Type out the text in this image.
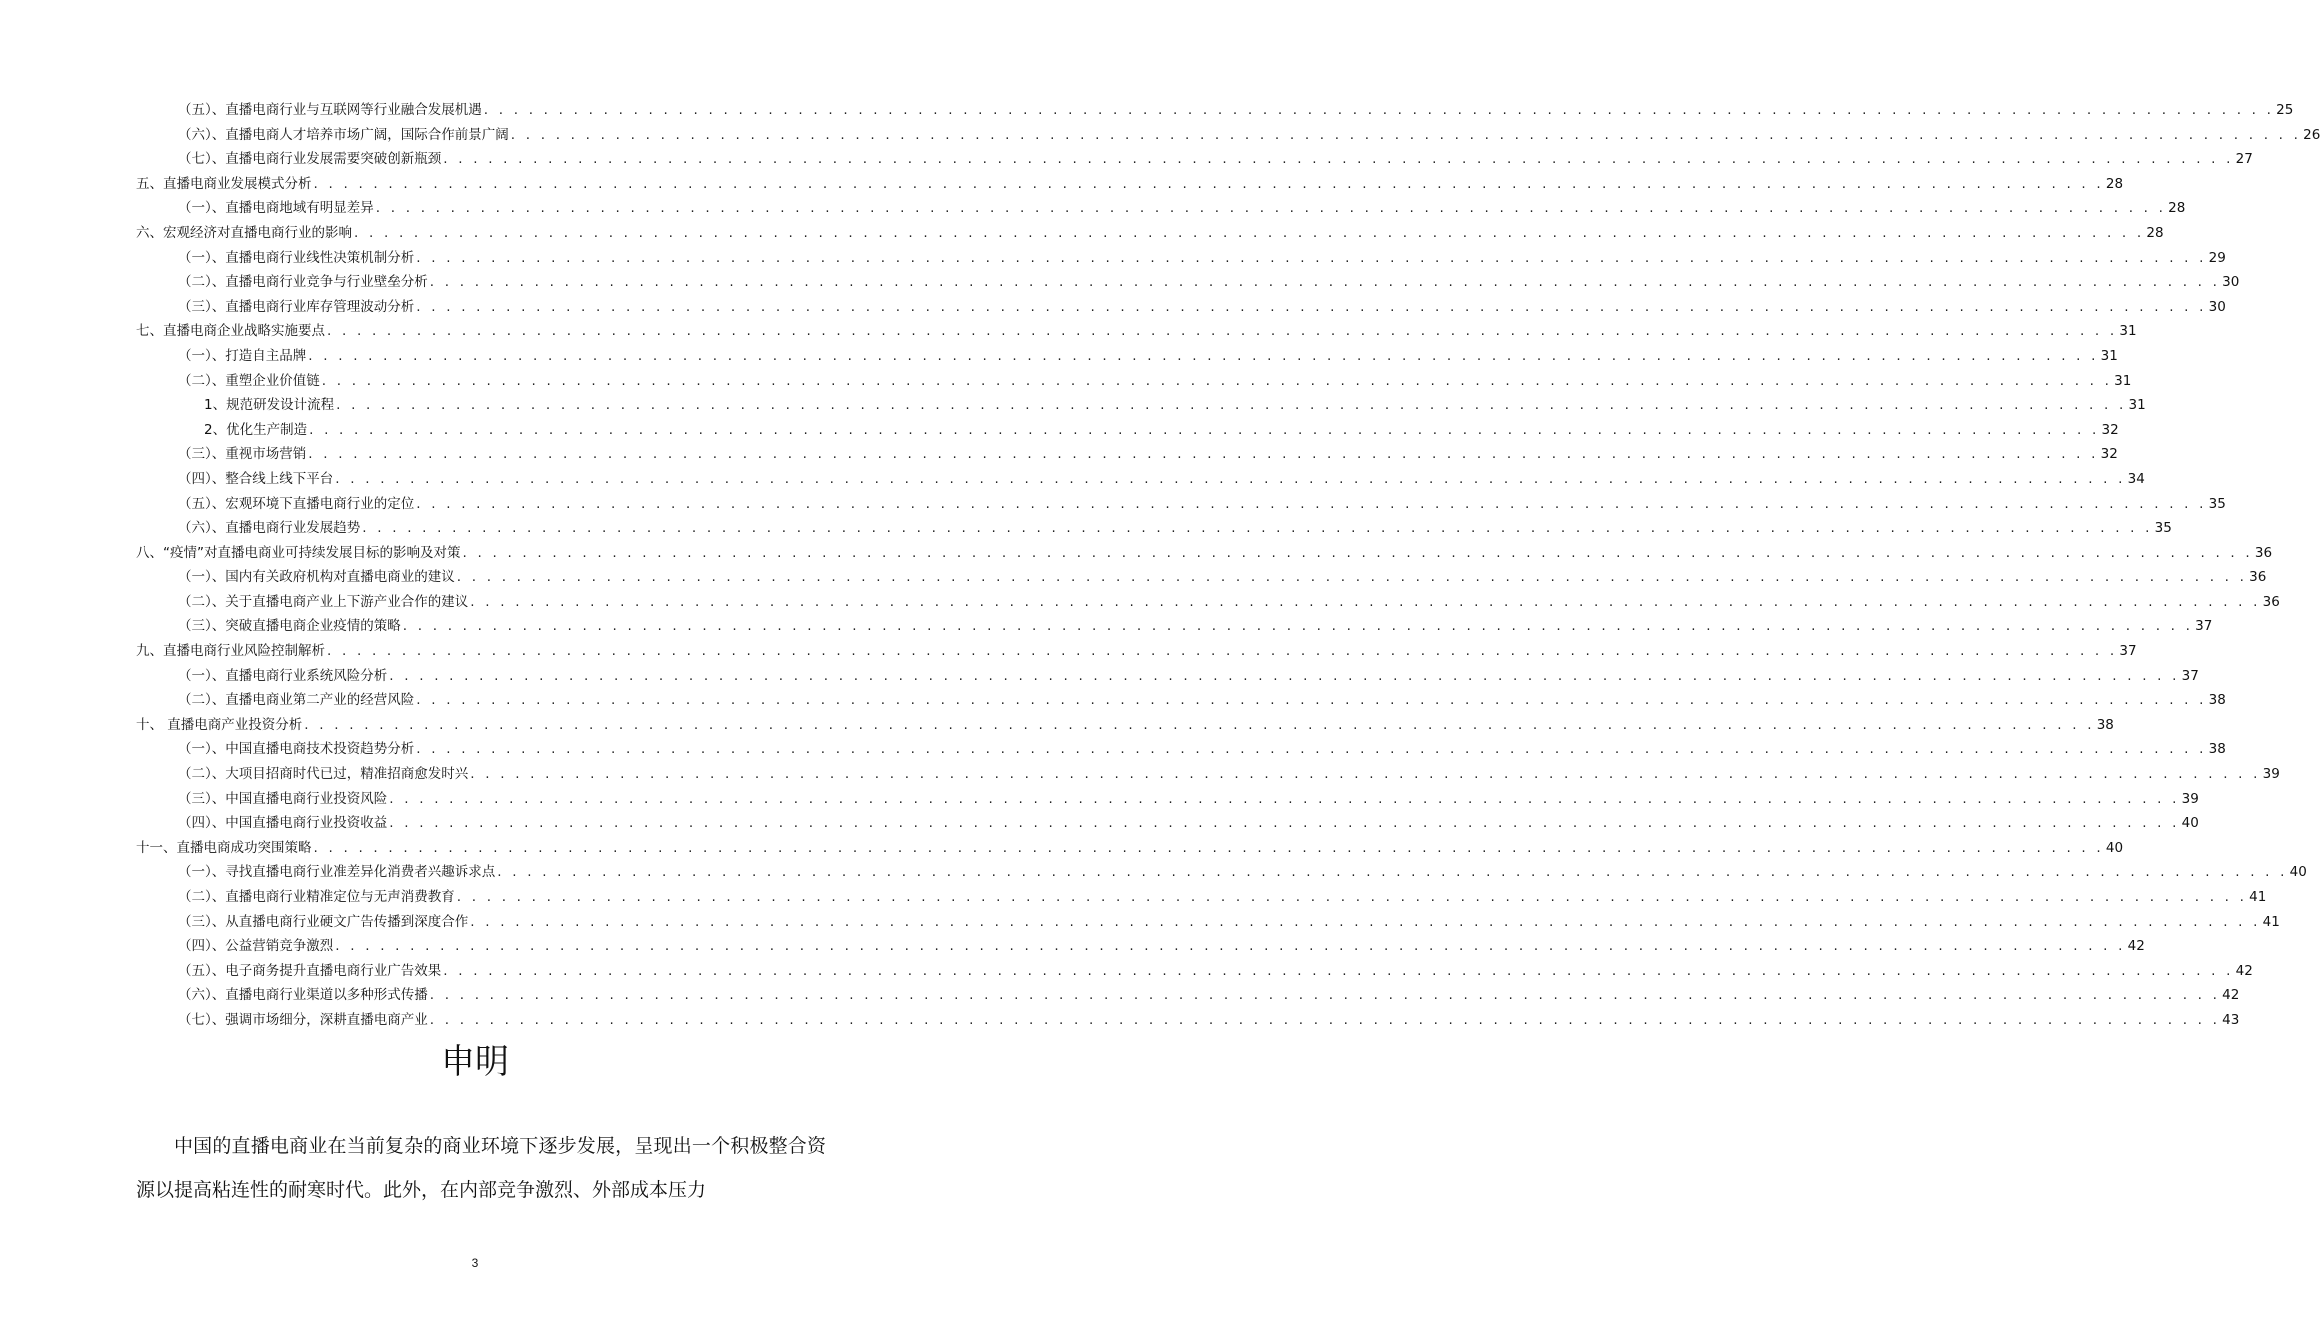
（五）、直播电商行业与互联网等行业融合发展机遇 . . . . . . . . . . . . . . . . . . . . . . . . . . . . . . . . . . . . . . . . . . . . . . . . . . . . . . . . . . . . . . . . . . . . . . . . . . . . . . . . . . . . . . . . . . . . . . . . . . . . . . . . . . . . . . . . . . . . . . . . 25
（六）、直播电商人才培养市场广阔，国际合作前景广阔 . . . . . . . . . . . . . . . . . . . . . . . . . . . . . . . . . . . . . . . . . . . . . . . . . . . . . . . . . . . . . . . . . . . . . . . . . . . . . . . . . . . . . . . . . . . . . . . . . . . . . . . . . . . . . . . . . . . . . . . . 26
（七）、直播电商行业发展需要突破创新瓶颈 . . . . . . . . . . . . . . . . . . . . . . . . . . . . . . . . . . . . . . . . . . . . . . . . . . . . . . . . . . . . . . . . . . . . . . . . . . . . . . . . . . . . . . . . . . . . . . . . . . . . . . . . . . . . . . . . . . . . . . . . 27
五、直播电商业发展模式分析 . . . . . . . . . . . . . . . . . . . . . . . . . . . . . . . . . . . . . . . . . . . . . . . . . . . . . . . . . . . . . . . . . . . . . . . . . . . . . . . . . . . . . . . . . . . . . . . . . . . . . . . . . . . . . . . . . . . . . . . . 28
（一）、直播电商地域有明显差异 . . . . . . . . . . . . . . . . . . . . . . . . . . . . . . . . . . . . . . . . . . . . . . . . . . . . . . . . . . . . . . . . . . . . . . . . . . . . . . . . . . . . . . . . . . . . . . . . . . . . . . . . . . . . . . . . . . . . . . . . 28
六、宏观经济对直播电商行业的影响 . . . . . . . . . . . . . . . . . . . . . . . . . . . . . . . . . . . . . . . . . . . . . . . . . . . . . . . . . . . . . . . . . . . . . . . . . . . . . . . . . . . . . . . . . . . . . . . . . . . . . . . . . . . . . . . . . . . . . . . . 28
（一）、直播电商行业线性决策机制分析 . . . . . . . . . . . . . . . . . . . . . . . . . . . . . . . . . . . . . . . . . . . . . . . . . . . . . . . . . . . . . . . . . . . . . . . . . . . . . . . . . . . . . . . . . . . . . . . . . . . . . . . . . . . . . . . . . . . . . . . . 29
（二）、直播电商行业竞争与行业壁垒分析 . . . . . . . . . . . . . . . . . . . . . . . . . . . . . . . . . . . . . . . . . . . . . . . . . . . . . . . . . . . . . . . . . . . . . . . . . . . . . . . . . . . . . . . . . . . . . . . . . . . . . . . . . . . . . . . . . . . . . . . . 30
（三）、直播电商行业库存管理波动分析 . . . . . . . . . . . . . . . . . . . . . . . . . . . . . . . . . . . . . . . . . . . . . . . . . . . . . . . . . . . . . . . . . . . . . . . . . . . . . . . . . . . . . . . . . . . . . . . . . . . . . . . . . . . . . . . . . . . . . . . . 30
七、直播电商企业战略实施要点 . . . . . . . . . . . . . . . . . . . . . . . . . . . . . . . . . . . . . . . . . . . . . . . . . . . . . . . . . . . . . . . . . . . . . . . . . . . . . . . . . . . . . . . . . . . . . . . . . . . . . . . . . . . . . . . . . . . . . . . . 31
（一）、打造自主品牌 . . . . . . . . . . . . . . . . . . . . . . . . . . . . . . . . . . . . . . . . . . . . . . . . . . . . . . . . . . . . . . . . . . . . . . . . . . . . . . . . . . . . . . . . . . . . . . . . . . . . . . . . . . . . . . . . . . . . . . . . 31
（二）、重塑企业价值链 . . . . . . . . . . . . . . . . . . . . . . . . . . . . . . . . . . . . . . . . . . . . . . . . . . . . . . . . . . . . . . . . . . . . . . . . . . . . . . . . . . . . . . . . . . . . . . . . . . . . . . . . . . . . . . . . . . . . . . . . 31
1、规范研发设计流程 . . . . . . . . . . . . . . . . . . . . . . . . . . . . . . . . . . . . . . . . . . . . . . . . . . . . . . . . . . . . . . . . . . . . . . . . . . . . . . . . . . . . . . . . . . . . . . . . . . . . . . . . . . . . . . . . . . . . . . . . 31
2、优化生产制造 . . . . . . . . . . . . . . . . . . . . . . . . . . . . . . . . . . . . . . . . . . . . . . . . . . . . . . . . . . . . . . . . . . . . . . . . . . . . . . . . . . . . . . . . . . . . . . . . . . . . . . . . . . . . . . . . . . . . . . . . 32
（三）、重视市场营销 . . . . . . . . . . . . . . . . . . . . . . . . . . . . . . . . . . . . . . . . . . . . . . . . . . . . . . . . . . . . . . . . . . . . . . . . . . . . . . . . . . . . . . . . . . . . . . . . . . . . . . . . . . . . . . . . . . . . . . . . 32
（四）、整合线上线下平台 . . . . . . . . . . . . . . . . . . . . . . . . . . . . . . . . . . . . . . . . . . . . . . . . . . . . . . . . . . . . . . . . . . . . . . . . . . . . . . . . . . . . . . . . . . . . . . . . . . . . . . . . . . . . . . . . . . . . . . . . 34
（五）、宏观环境下直播电商行业的定位 . . . . . . . . . . . . . . . . . . . . . . . . . . . . . . . . . . . . . . . . . . . . . . . . . . . . . . . . . . . . . . . . . . . . . . . . . . . . . . . . . . . . . . . . . . . . . . . . . . . . . . . . . . . . . . . . . . . . . . . . 35
（六）、直播电商行业发展趋势 . . . . . . . . . . . . . . . . . . . . . . . . . . . . . . . . . . . . . . . . . . . . . . . . . . . . . . . . . . . . . . . . . . . . . . . . . . . . . . . . . . . . . . . . . . . . . . . . . . . . . . . . . . . . . . . . . . . . . . . . 35
八、“疫情”对直播电商业可持续发展目标的影响及对策 . . . . . . . . . . . . . . . . . . . . . . . . . . . . . . . . . . . . . . . . . . . . . . . . . . . . . . . . . . . . . . . . . . . . . . . . . . . . . . . . . . . . . . . . . . . . . . . . . . . . . . . . . . . . . . . . . . . . . . . . 36
（一）、国内有关政府机构对直播电商业的建议 . . . . . . . . . . . . . . . . . . . . . . . . . . . . . . . . . . . . . . . . . . . . . . . . . . . . . . . . . . . . . . . . . . . . . . . . . . . . . . . . . . . . . . . . . . . . . . . . . . . . . . . . . . . . . . . . . . . . . . . . 36
（二）、关于直播电商产业上下游产业合作的建议 . . . . . . . . . . . . . . . . . . . . . . . . . . . . . . . . . . . . . . . . . . . . . . . . . . . . . . . . . . . . . . . . . . . . . . . . . . . . . . . . . . . . . . . . . . . . . . . . . . . . . . . . . . . . . . . . . . . . . . . . 36
（三）、突破直播电商企业疫情的策略 . . . . . . . . . . . . . . . . . . . . . . . . . . . . . . . . . . . . . . . . . . . . . . . . . . . . . . . . . . . . . . . . . . . . . . . . . . . . . . . . . . . . . . . . . . . . . . . . . . . . . . . . . . . . . . . . . . . . . . . . 37
九、直播电商行业风险控制解析 . . . . . . . . . . . . . . . . . . . . . . . . . . . . . . . . . . . . . . . . . . . . . . . . . . . . . . . . . . . . . . . . . . . . . . . . . . . . . . . . . . . . . . . . . . . . . . . . . . . . . . . . . . . . . . . . . . . . . . . . 37
（一）、直播电商行业系统风险分析 . . . . . . . . . . . . . . . . . . . . . . . . . . . . . . . . . . . . . . . . . . . . . . . . . . . . . . . . . . . . . . . . . . . . . . . . . . . . . . . . . . . . . . . . . . . . . . . . . . . . . . . . . . . . . . . . . . . . . . . . 37
（二）、直播电商业第二产业的经营风险 . . . . . . . . . . . . . . . . . . . . . . . . . . . . . . . . . . . . . . . . . . . . . . . . . . . . . . . . . . . . . . . . . . . . . . . . . . . . . . . . . . . . . . . . . . . . . . . . . . . . . . . . . . . . . . . . . . . . . . . . 38
十、 直播电商产业投资分析 . . . . . . . . . . . . . . . . . . . . . . . . . . . . . . . . . . . . . . . . . . . . . . . . . . . . . . . . . . . . . . . . . . . . . . . . . . . . . . . . . . . . . . . . . . . . . . . . . . . . . . . . . . . . . . . . . . . . . . . . 38
（一）、中国直播电商技术投资趋势分析 . . . . . . . . . . . . . . . . . . . . . . . . . . . . . . . . . . . . . . . . . . . . . . . . . . . . . . . . . . . . . . . . . . . . . . . . . . . . . . . . . . . . . . . . . . . . . . . . . . . . . . . . . . . . . . . . . . . . . . . . 38
（二）、大项目招商时代已过，精准招商愈发时兴 . . . . . . . . . . . . . . . . . . . . . . . . . . . . . . . . . . . . . . . . . . . . . . . . . . . . . . . . . . . . . . . . . . . . . . . . . . . . . . . . . . . . . . . . . . . . . . . . . . . . . . . . . . . . . . . . . . . . . . . . 39
（三）、中国直播电商行业投资风险 . . . . . . . . . . . . . . . . . . . . . . . . . . . . . . . . . . . . . . . . . . . . . . . . . . . . . . . . . . . . . . . . . . . . . . . . . . . . . . . . . . . . . . . . . . . . . . . . . . . . . . . . . . . . . . . . . . . . . . . . 39
（四）、中国直播电商行业投资收益 . . . . . . . . . . . . . . . . . . . . . . . . . . . . . . . . . . . . . . . . . . . . . . . . . . . . . . . . . . . . . . . . . . . . . . . . . . . . . . . . . . . . . . . . . . . . . . . . . . . . . . . . . . . . . . . . . . . . . . . . 40
十一、直播电商成功突围策略 . . . . . . . . . . . . . . . . . . . . . . . . . . . . . . . . . . . . . . . . . . . . . . . . . . . . . . . . . . . . . . . . . . . . . . . . . . . . . . . . . . . . . . . . . . . . . . . . . . . . . . . . . . . . . . . . . . . . . . . . 40
（一）、寻找直播电商行业准差异化消费者兴趣诉求点 . . . . . . . . . . . . . . . . . . . . . . . . . . . . . . . . . . . . . . . . . . . . . . . . . . . . . . . . . . . . . . . . . . . . . . . . . . . . . . . . . . . . . . . . . . . . . . . . . . . . . . . . . . . . . . . . . . . . . . . . 40
（二）、直播电商行业精准定位与无声消费教育 . . . . . . . . . . . . . . . . . . . . . . . . . . . . . . . . . . . . . . . . . . . . . . . . . . . . . . . . . . . . . . . . . . . . . . . . . . . . . . . . . . . . . . . . . . . . . . . . . . . . . . . . . . . . . . . . . . . . . . . . 41
（三）、从直播电商行业硬文广告传播到深度合作 . . . . . . . . . . . . . . . . . . . . . . . . . . . . . . . . . . . . . . . . . . . . . . . . . . . . . . . . . . . . . . . . . . . . . . . . . . . . . . . . . . . . . . . . . . . . . . . . . . . . . . . . . . . . . . . . . . . . . . . . 41
（四）、公益营销竞争激烈 . . . . . . . . . . . . . . . . . . . . . . . . . . . . . . . . . . . . . . . . . . . . . . . . . . . . . . . . . . . . . . . . . . . . . . . . . . . . . . . . . . . . . . . . . . . . . . . . . . . . . . . . . . . . . . . . . . . . . . . . 42
（五）、电子商务提升直播电商行业广告效果 . . . . . . . . . . . . . . . . . . . . . . . . . . . . . . . . . . . . . . . . . . . . . . . . . . . . . . . . . . . . . . . . . . . . . . . . . . . . . . . . . . . . . . . . . . . . . . . . . . . . . . . . . . . . . . . . . . . . . . . . 42
（六）、直播电商行业渠道以多种形式传播 . . . . . . . . . . . . . . . . . . . . . . . . . . . . . . . . . . . . . . . . . . . . . . . . . . . . . . . . . . . . . . . . . . . . . . . . . . . . . . . . . . . . . . . . . . . . . . . . . . . . . . . . . . . . . . . . . . . . . . . . 42
（七）、强调市场细分，深耕直播电商产业 . . . . . . . . . . . . . . . . . . . . . . . . . . . . . . . . . . . . . . . . . . . . . . . . . . . . . . . . . . . . . . . . . . . . . . . . . . . . . . . . . . . . . . . . . . . . . . . . . . . . . . . . . . . . . . . . . . . . . . . . 43
申明
中国的直播电商业在当前复杂的商业环境下逐步发展，呈现出一个积极整合资源以提高粘连性的耐寒时代。此外，在内部竞争激烈、外部成本压力
3
